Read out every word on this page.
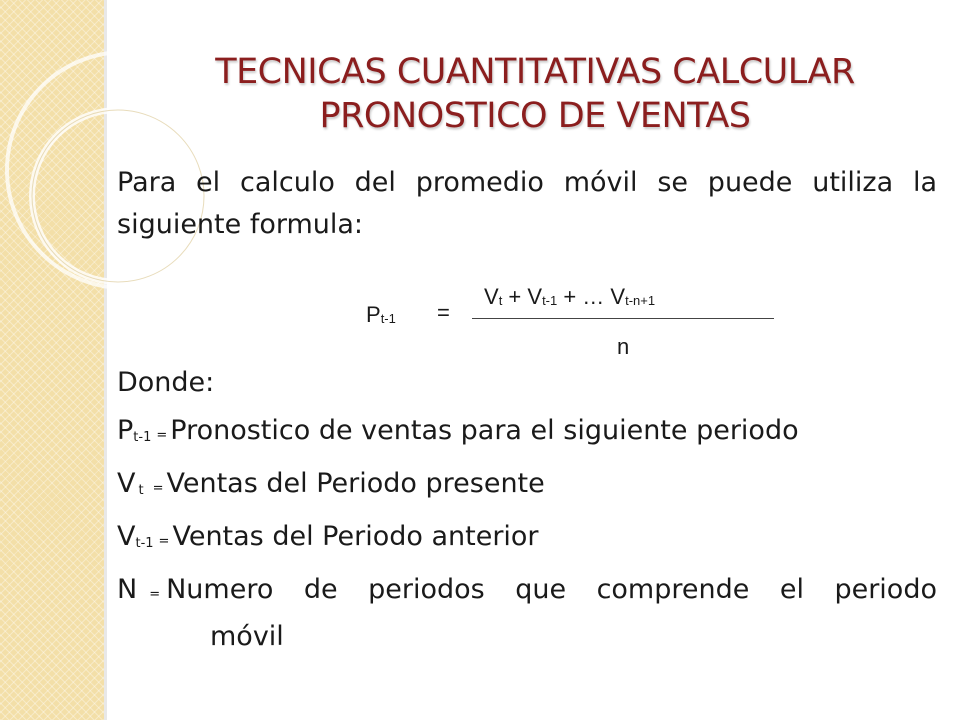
TECNICAS CUANTITATIVAS CALCULAR
PRONOSTICO DE VENTAS
Para el calculo del promedio móvil se puede utiliza la
siguiente formula:
$P_{t-1}$ =
$V_t + V_{t-1}$ + … $V_{t-n+1}$
n
Donde:
$P_{t-1}$ = Pronostico de ventas para el siguiente periodo
V $_t$ = Ventas del Periodo presente
$V_{t-1}$ = Ventas del Periodo anterior
N = Numero de periodos que comprende el periodo
móvil
